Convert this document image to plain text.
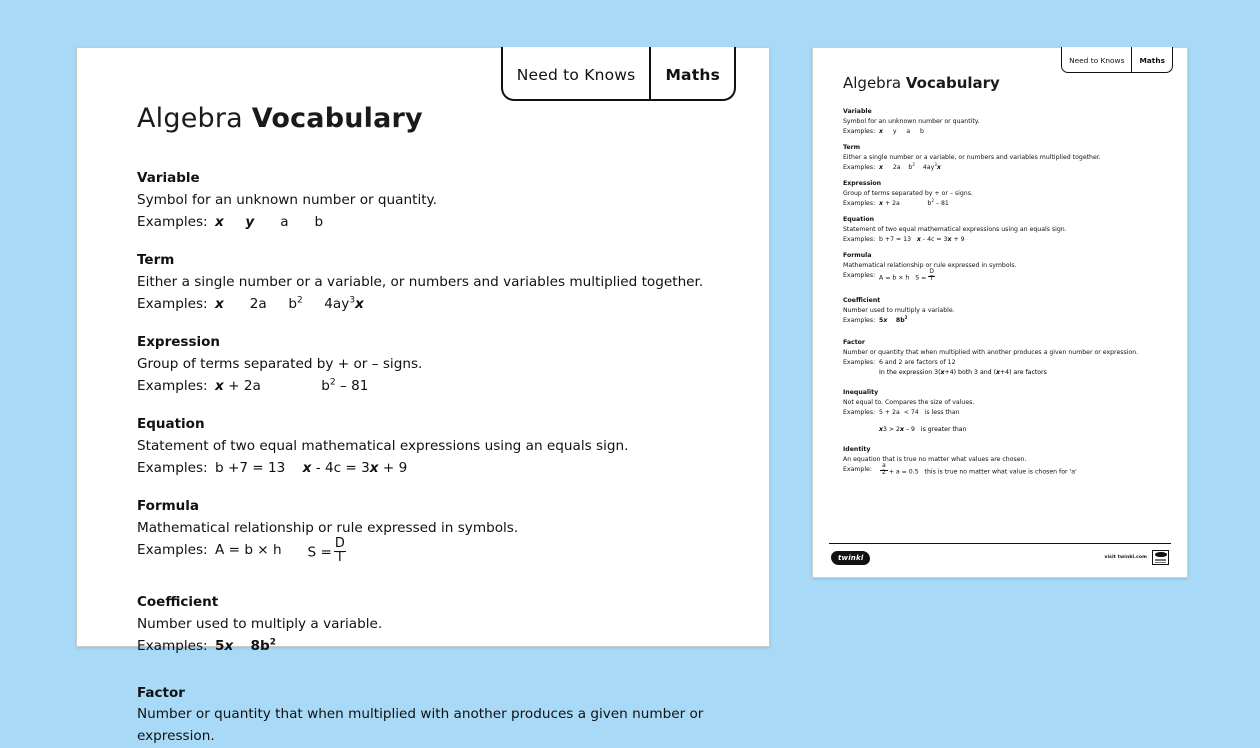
Need to Knows	Maths
Algebra Vocabulary
Variable
Symbol for an unknown number or quantity.
Examples: x
y
a
b
Term
Either a single number or a variable, or numbers and variables multiplied together.
Examples: x
2a
$b^2$
$4ay^3x$
Expression
Group of terms separated by + or – signs.
Examples: x + 2a
	$b^2 - 81$
Equation
Statement of two equal mathematical expressions using an equals sign.
Examples: b +7 = 13
x - 4c = 3x + 9
Formula
Mathematical relationship or rule expressed in symbols.
Examples: A = b × h
$S = \frac{D}{T}$
Coefficient
Number used to multiply a variable.
Examples: 5x
$8b^2$
Factor
Number or quantity that when multiplied with another produces a given number or expression.
Need to Knows	Maths
Algebra Vocabulary
Variable
Symbol for an unknown number or quantity.
Examples: x     y     a     b
Term
Either a single number or a variable, or numbers and variables multiplied together.
Examples: x     2a    $b^2$    $4ay^3x$
Expression
Group of terms separated by + or – signs.
Examples: x + 2a              $b^2 - 81$
Equation
Statement of two equal mathematical expressions using an equals sign.
Examples: b +7 = 13   x - 4c = 3x + 9
Formula
Mathematical relationship or rule expressed in symbols.
Examples: A = b × h $S = \frac{D}{T}$
Coefficient
Number used to multiply a variable.
Examples: 5x    $8b^2$
Factor
Number or quantity that when multiplied with another produces a given number or expression.
Examples: 6 and 2 are factors of 12
In the expression 3(x+4) both 3 and (x+4) are factors
Inequality
Not equal to. Compares the size of values.
Examples: 5 + 2a  < 74   is less than
x3 > 2x – 9   is greater than
Identity
An equation that is true no matter what values are chosen.
Example:	$\frac{a}{2} + a = 0.5$   this is true no matter what value is chosen for 'a'
twinkl	visit twinkl.com
